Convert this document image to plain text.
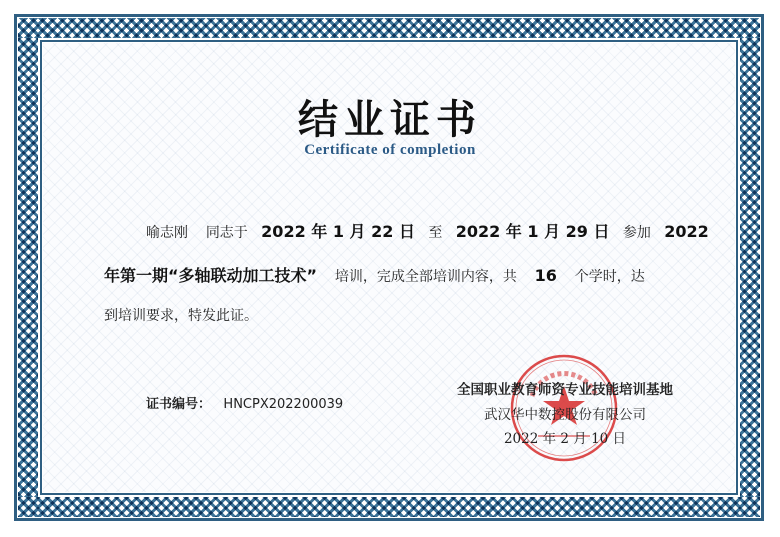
结业证书
Certificate of completion
喻志刚 同志于 2022 年 1 月 22 日 至 2022 年 1 月 29 日 参加 2022
年第一期“多轴联动加工技术” 培训，完成全部培训内容，共 16 个学时，达
到培训要求，特发此证。
证书编号： HNCPX202200039
全国职业教育师资专业技能培训基地
武汉华中数控股份有限公司
2022 年 2 月 10 日
